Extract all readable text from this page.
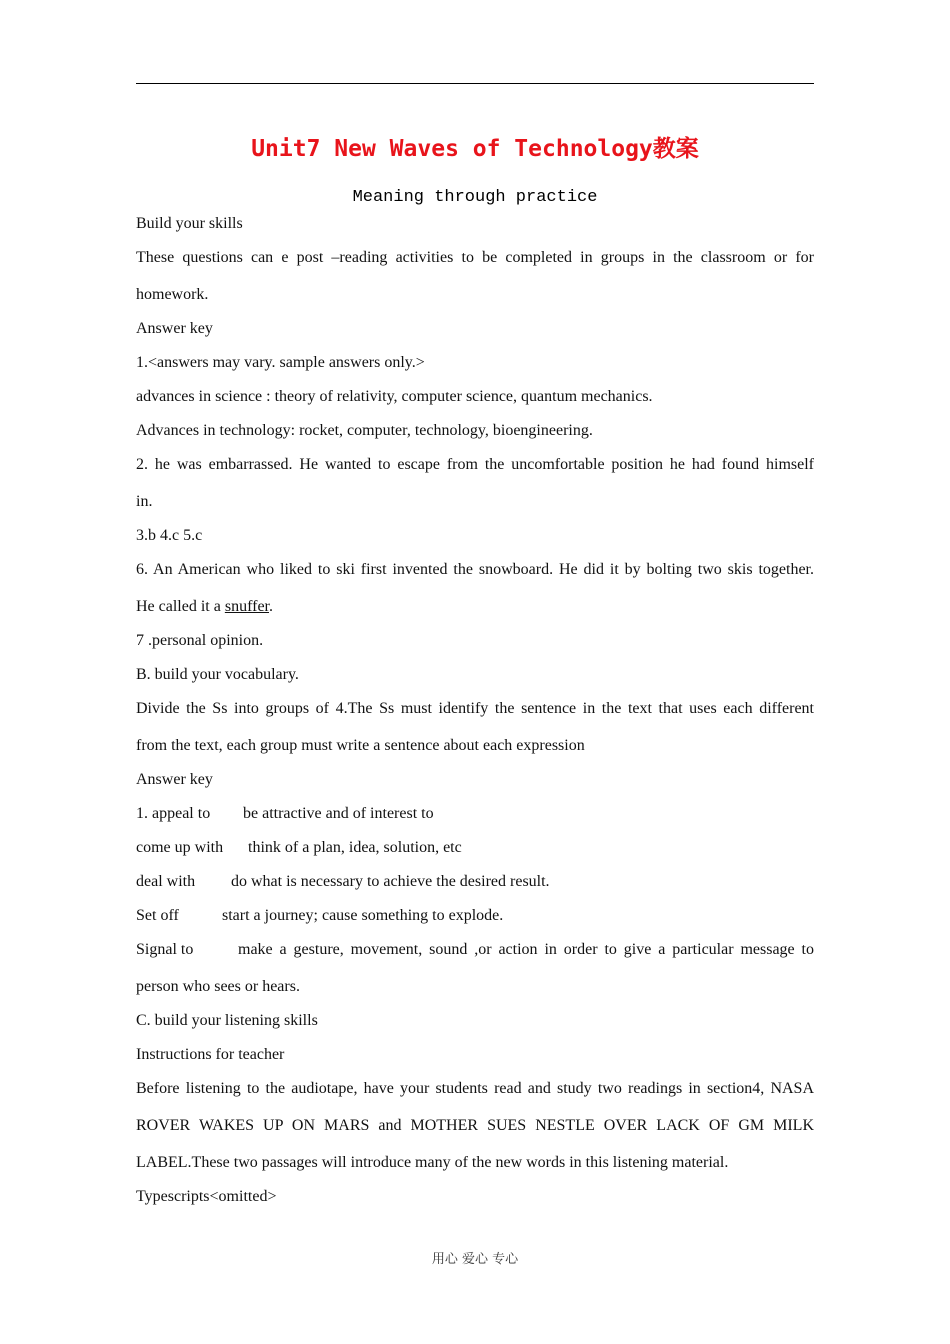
Unit7 New Waves of Technology教案
Meaning through practice

Build your skills

These questions can e post –reading activities to be completed in groups in the classroom or for

homework.

Answer key

1.<answers may vary. sample answers only.>

advances in science : theory of relativity, computer science, quantum mechanics.

Advances in technology: rocket, computer, technology, bioengineering.

2. he was embarrassed. He wanted to escape from the uncomfortable position he had found himself

in.

3.b 4.c 5.c

6. An American who liked to ski first invented the snowboard. He did it by bolting two skis together.

He called it a snuffer.

7 .personal opinion.

B. build your vocabulary.

Divide the Ss into groups of 4.The Ss must identify the sentence in the text that uses each different

from the text, each group must write a sentence about each expression

Answer key

1. appeal to be attractive and of interest to

come up with think of a plan, idea, solution, etc

deal with do what is necessary to achieve the desired result.

Set off	start a journey; cause something to explode.

Signal to	make a gesture, movement, sound ,or action in order to give a particular message to

person who sees or hears.

C. build your listening skills

Instructions for teacher

Before listening to the audiotape, have your students read and study two readings in section4, NASA

ROVER WAKES UP ON MARS and MOTHER SUES NESTLE OVER LACK OF GM MILK

LABEL.These two passages will introduce many of the new words in this listening material.

Typescripts<omitted>

用心 爱心 专心
